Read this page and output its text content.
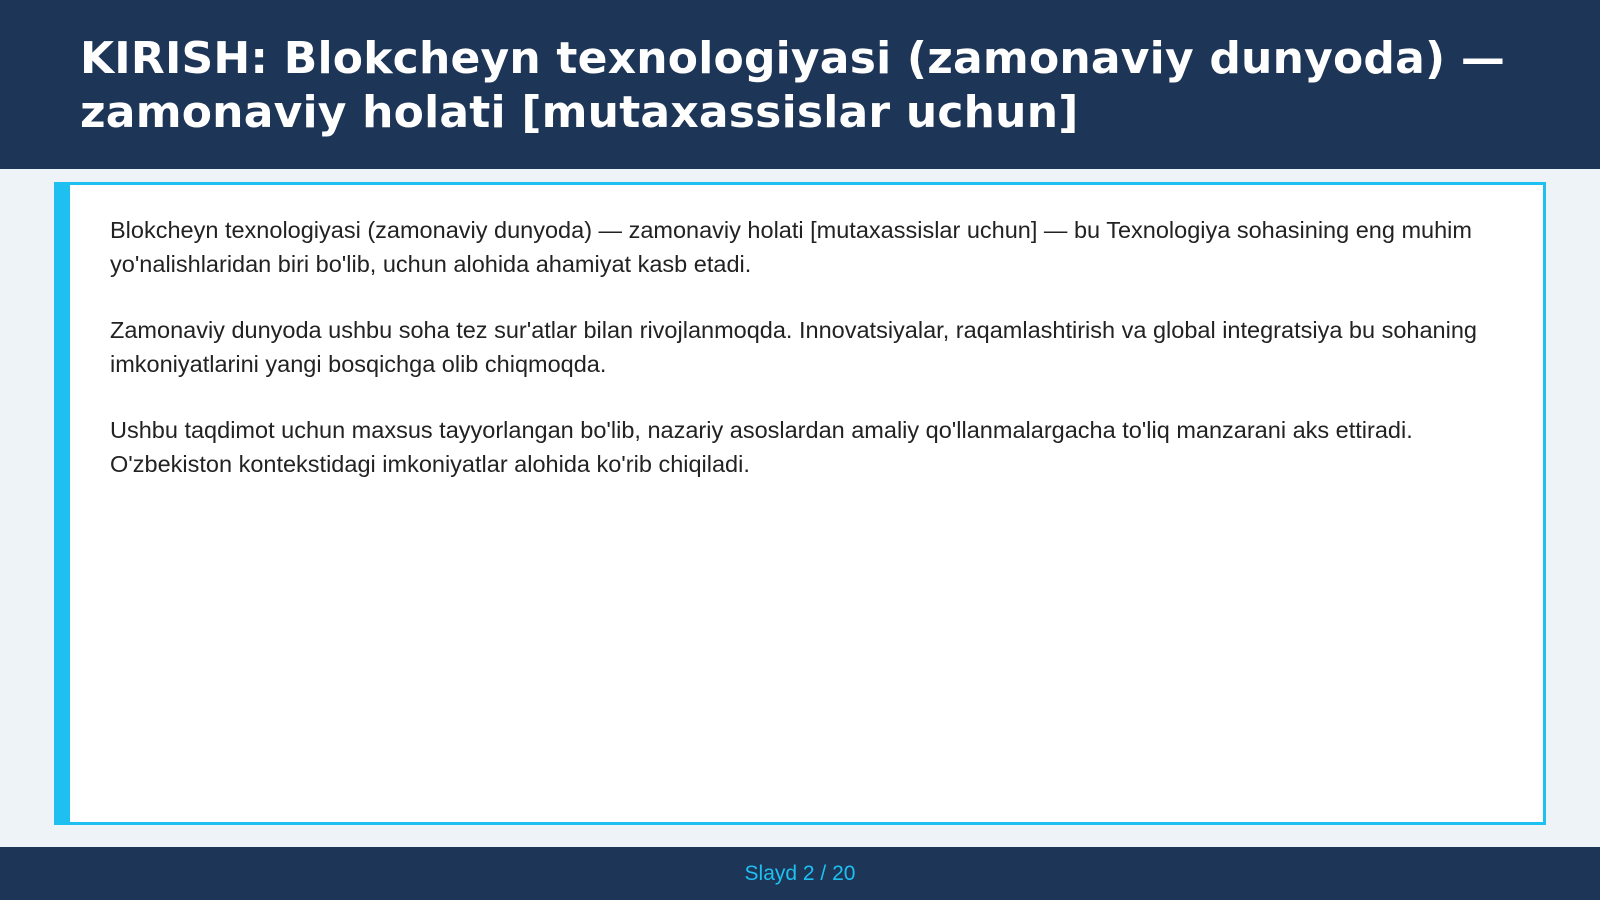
KIRISH: Blokcheyn texnologiyasi (zamonaviy dunyoda) — zamonaviy holati [mutaxassislar uchun]

Blokcheyn texnologiyasi (zamonaviy dunyoda) — zamonaviy holati [mutaxassislar uchun] — bu Texnologiya sohasining eng muhim yo'nalishlaridan biri bo'lib, uchun alohida ahamiyat kasb etadi.

Zamonaviy dunyoda ushbu soha tez sur'atlar bilan rivojlanmoqda. Innovatsiyalar, raqamlashtirish va global integratsiya bu sohaning imkoniyatlarini yangi bosqichga olib chiqmoqda.

Ushbu taqdimot uchun maxsus tayyorlangan bo'lib, nazariy asoslardan amaliy qo'llanmalargacha to'liq manzarani aks ettiradi. O'zbekiston kontekstidagi imkoniyatlar alohida ko'rib chiqiladi.

Slayd 2 / 20
